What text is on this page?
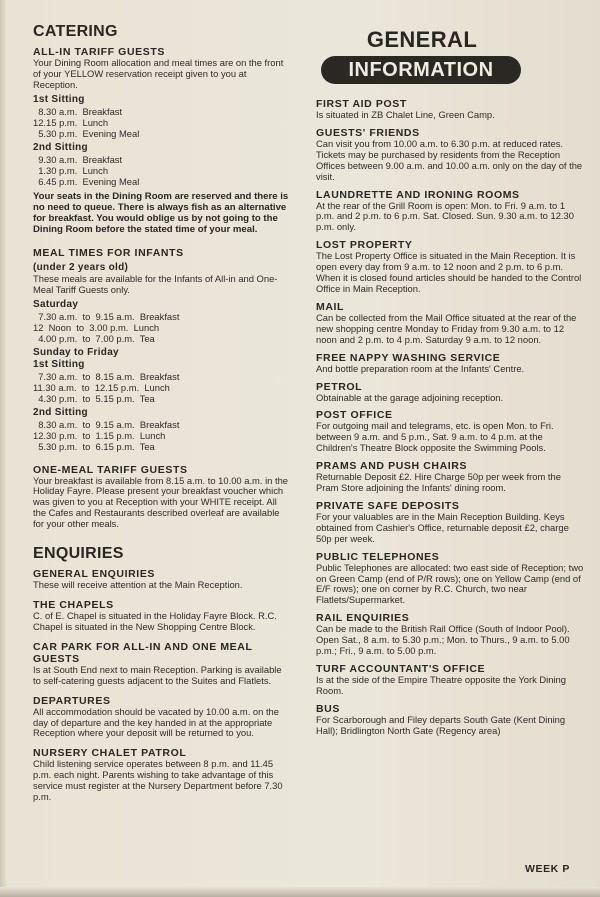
CATERING
ALL-IN TARIFF GUESTS
Your Dining Room allocation and meal times are on the front of your YELLOW reservation receipt given to you at Reception.
1st Sitting
8.30 a.m.  Breakfast
12.15 p.m.  Lunch
5.30 p.m.  Evening Meal
2nd Sitting
9.30 a.m.  Breakfast
1.30 p.m.  Lunch
6.45 p.m.  Evening Meal
Your seats in the Dining Room are reserved and there is no need to queue. There is always fish as an alternative for breakfast. You would oblige us by not going to the Dining Room before the stated time of your meal.
MEAL TIMES FOR INFANTS
(under 2 years old)
These meals are available for the Infants of All-in and One-Meal Tariff Guests only.
Saturday
7.30 a.m.  to  9.15 a.m.  Breakfast
12  Noon  to  3.00 p.m.  Lunch
4.00 p.m.  to  7.00 p.m.  Tea
Sunday to Friday
1st Sitting
7.30 a.m.  to  8.15 a.m.  Breakfast
11.30 a.m.  to  12.15 p.m.  Lunch
4.30 p.m.  to  5.15 p.m.  Tea
2nd Sitting
8.30 a.m.  to  9.15 a.m.  Breakfast
12.30 p.m.  to  1.15 p.m.  Lunch
5.30 p.m.  to  6.15 p.m.  Tea
ONE-MEAL TARIFF GUESTS
Your breakfast is available from 8.15 a.m. to 10.00 a.m. in the Holiday Fayre. Please present your breakfast voucher which was given to you at Reception with your WHITE receipt. All the Cafes and Restaurants described overleaf are available for your other meals.
ENQUIRIES
GENERAL ENQUIRIES
These will receive attention at the Main Reception.
THE CHAPELS
C. of E. Chapel is situated in the Holiday Fayre Block. R.C. Chapel is situated in the New Shopping Centre Block.
CAR PARK FOR ALL-IN AND ONE MEAL GUESTS
Is at South End next to main Reception. Parking is available to self-catering guests adjacent to the Suites and Flatlets.
DEPARTURES
All accommodation should be vacated by 10.00 a.m. on the day of departure and the key handed in at the appropriate Reception where your deposit will be returned to you.
NURSERY CHALET PATROL
Child listening service operates between 8 p.m. and 11.45 p.m. each night. Parents wishing to take advantage of this service must register at the Nursery Department before 7.30 p.m.
GENERAL
INFORMATION
FIRST AID POST
Is situated in ZB Chalet Line, Green Camp.
GUESTS' FRIENDS
Can visit you from 10.00 a.m. to 6.30 p.m. at reduced rates. Tickets may be purchased by residents from the Reception Offices between 9.00 a.m. and 10.00 a.m. only on the day of the visit.
LAUNDRETTE AND IRONING ROOMS
At the rear of the Grill Room is open: Mon. to Fri. 9 a.m. to 1 p.m. and 2 p.m. to 6 p.m. Sat. Closed. Sun. 9.30 a.m. to 12.30 p.m. only.
LOST PROPERTY
The Lost Property Office is situated in the Main Reception. It is open every day from 9 a.m. to 12 noon and 2 p.m. to 6 p.m. When it is closed found articles should be handed to the Control Office in Main Reception.
MAIL
Can be collected from the Mail Office situated at the rear of the new shopping centre Monday to Friday from 9.30 a.m. to 12 noon and 2 p.m. to 4 p.m. Saturday 9 a.m. to 12 noon.
FREE NAPPY WASHING SERVICE
And bottle preparation room at the Infants' Centre.
PETROL
Obtainable at the garage adjoining reception.
POST OFFICE
For outgoing mail and telegrams, etc. is open Mon. to Fri. between 9 a.m. and 5 p.m., Sat. 9 a.m. to 4 p.m. at the Children's Theatre Block opposite the Swimming Pools.
PRAMS AND PUSH CHAIRS
Returnable Deposit £2. Hire Charge 50p per week from the Pram Store adjoining the Infants' dining room.
PRIVATE SAFE DEPOSITS
For your valuables are in the Main Reception Building. Keys obtained from Cashier's Office, returnable deposit £2, charge 50p per week.
PUBLIC TELEPHONES
Public Telephones are allocated: two east side of Reception; two on Green Camp (end of P/R rows); one on Yellow Camp (end of E/F rows); one on corner by R.C. Church, two near Flatlets/Supermarket.
RAIL ENQUIRIES
Can be made to the British Rail Office (South of Indoor Pool). Open Sat., 8 a.m. to 5.30 p.m.; Mon. to Thurs., 9 a.m. to 5.00 p.m.; Fri., 9 a.m. to 5.00 p.m.
TURF ACCOUNTANT'S OFFICE
Is at the side of the Empire Theatre opposite the York Dining Room.
BUS
For Scarborough and Filey departs South Gate (Kent Dining Hall); Bridlington North Gate (Regency area)
WEEK P
